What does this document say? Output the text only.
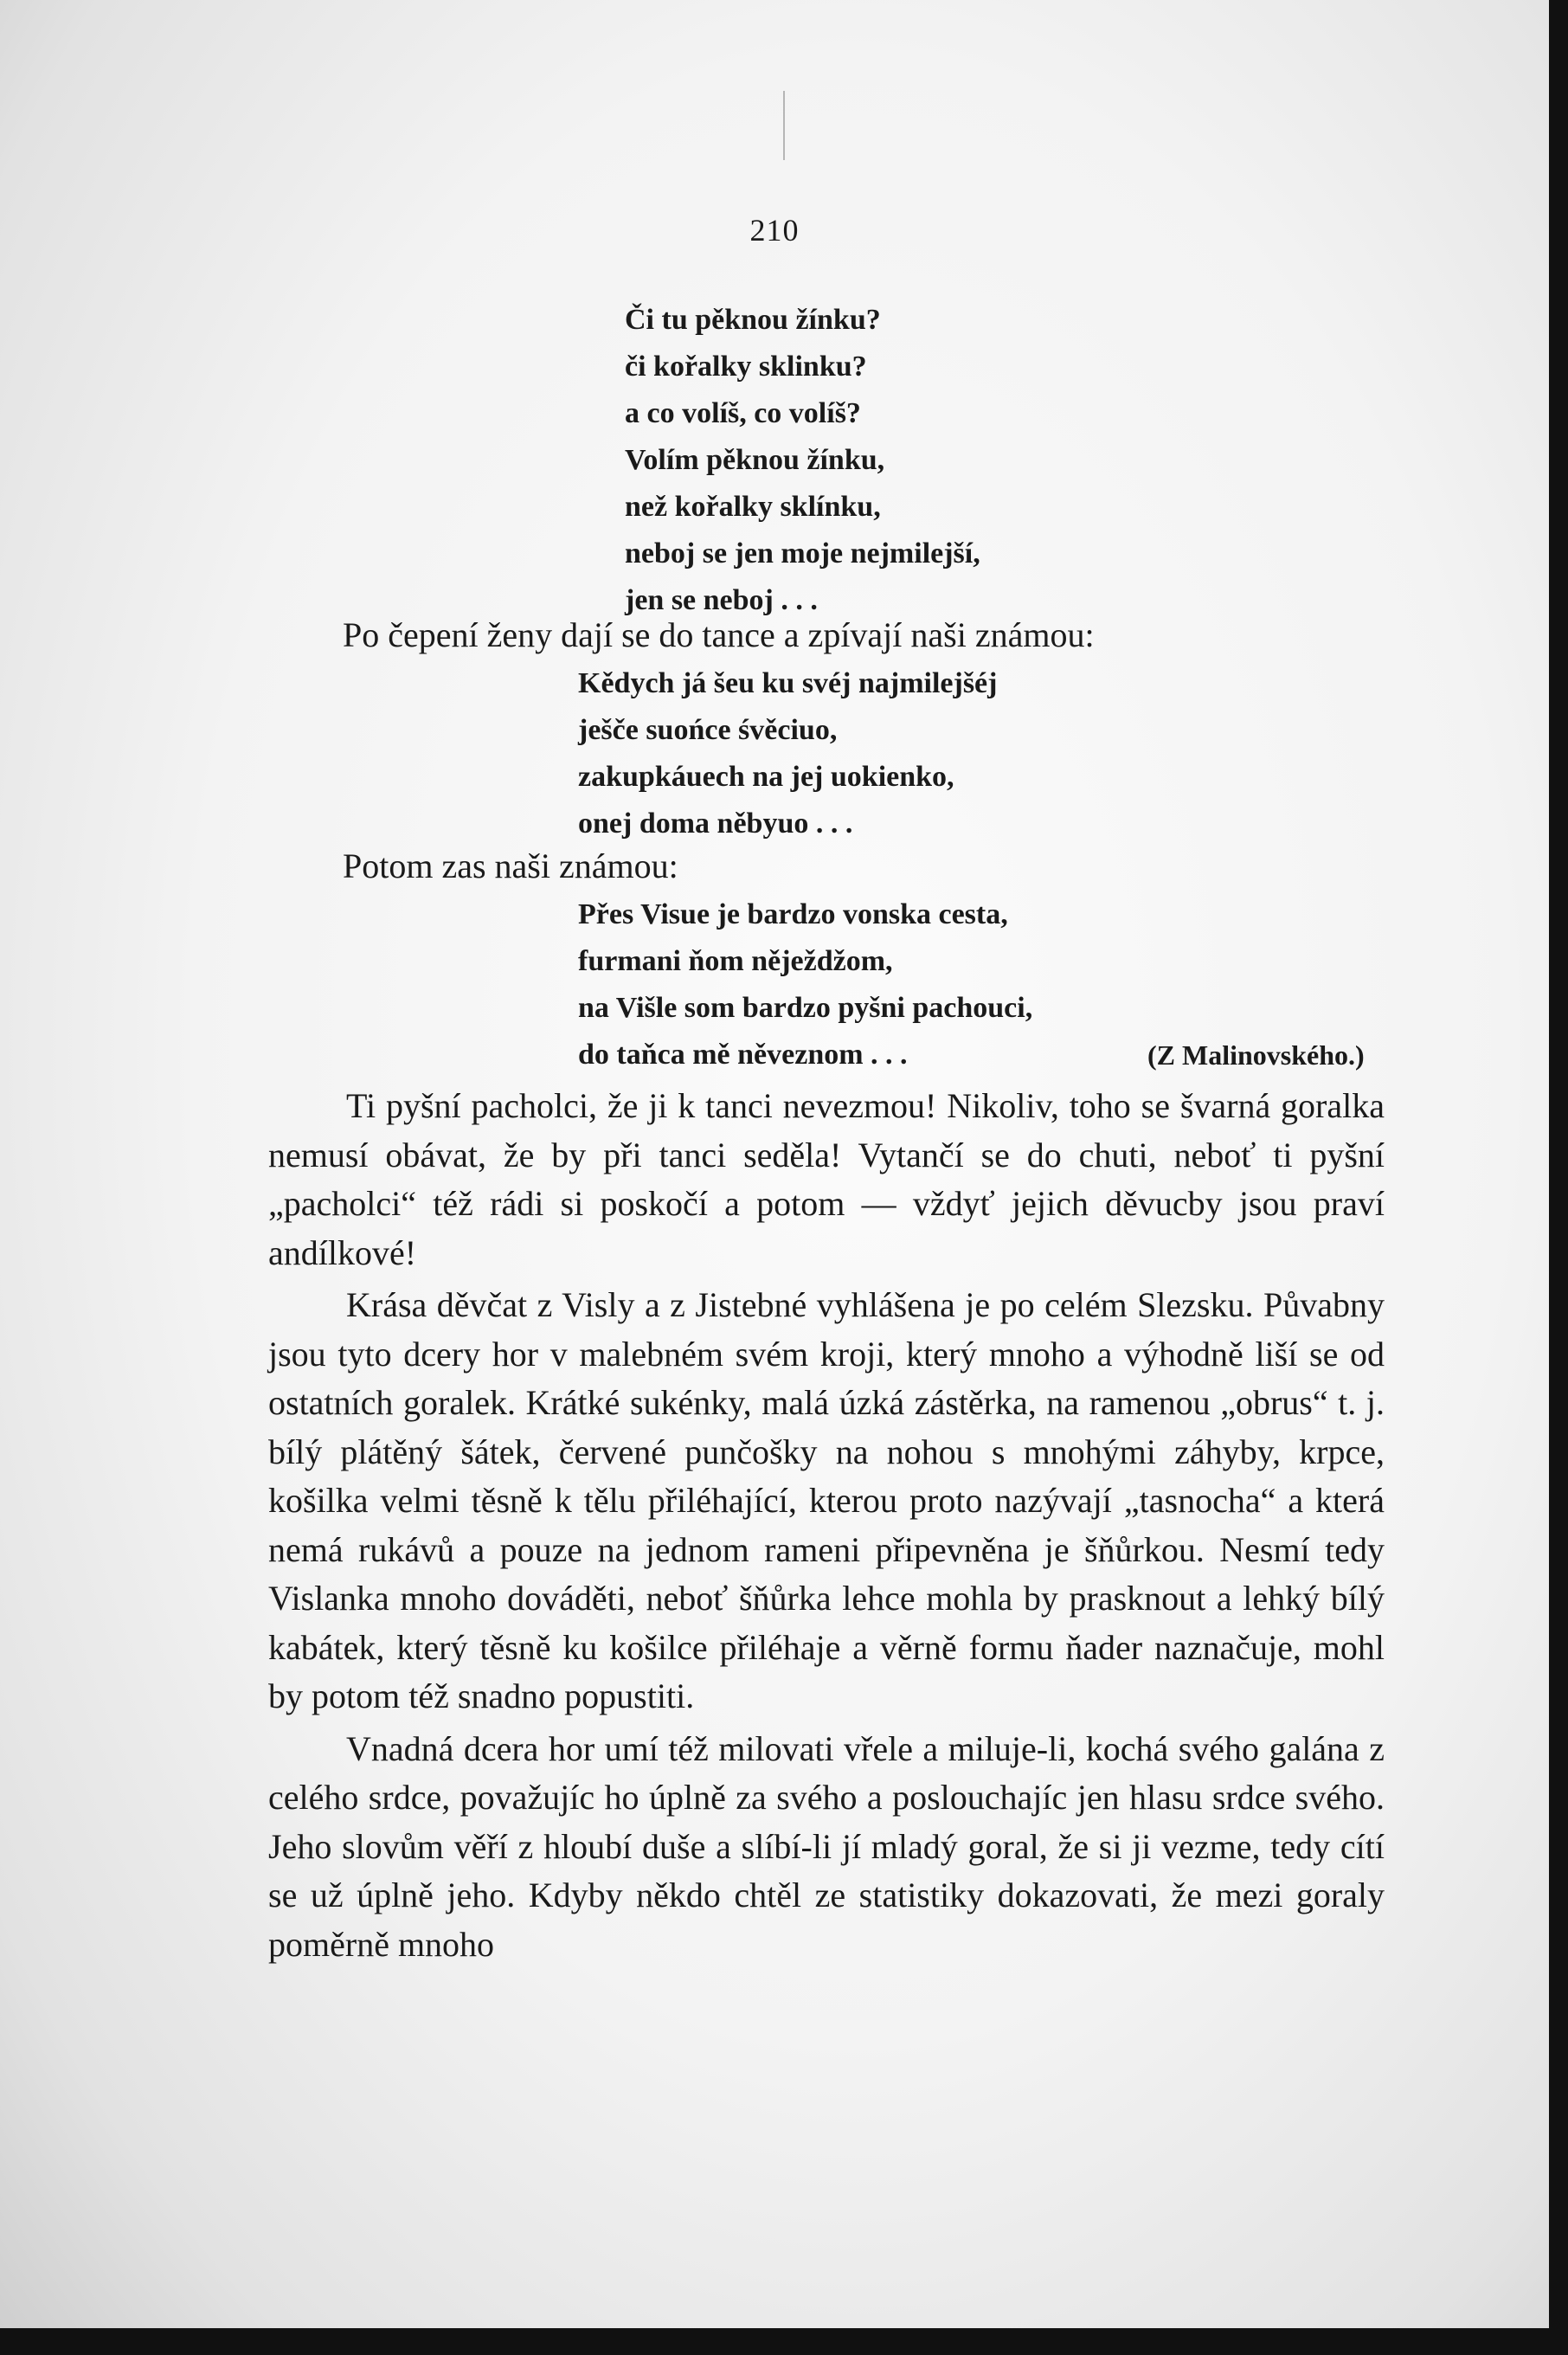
210
Či tu pěknou žínku?
či kořalky sklinku?
a co volíš, co volíš?
Volím pěknou žínku,
než kořalky sklínku,
neboj se jen moje nejmilejší,
jen se neboj . . .
Po čepení ženy dají se do tance a zpívají naši známou:
Kědych já šeu ku svéj najmilejšéj
ješče suońce śvěciuo,
zakupkáuech na jej uokienko,
onej doma něbyuo . . .
Potom zas naši známou:
Přes Visue je bardzo vonska cesta,
furmani ňom něježdžom,
na Višle som bardzo pyšni pachouci,
do taňca mě něveznom . . .	(Z Malinovského.)

Ti pyšní pacholci, že ji k tanci nevezmou! Nikoliv, toho se švarná goralka nemusí obávat, že by při tanci seděla! Vytančí se do chuti, neboť ti pyšní „pacholci“ též rádi si poskočí a potom — vždyť jejich děvucby jsou praví andílkové!

Krása děvčat z Visly a z Jistebné vyhlášena je po celém Slezsku. Půvabny jsou tyto dcery hor v malebném svém kroji, který mnoho a výhodně liší se od ostatních goralek. Krátké sukénky, malá úzká zástěrka, na ramenou „obrus“ t. j. bílý plátěný šátek, červené punčošky na nohou s mnohými záhyby, krpce, košilka velmi těsně k tělu přiléhající, kterou proto nazývají „tasnocha“ a která nemá rukávů a pouze na jednom rameni připevněna je šňůrkou. Nesmí tedy Vislanka mnoho dováděti, neboť šňůrka lehce mohla by prasknout a lehký bílý kabátek, který těsně ku košilce přiléhaje a věrně formu ňader naznačuje, mohl by potom též snadno popustiti.

Vnadná dcera hor umí též milovati vřele a miluje-li, kochá svého galána z celého srdce, považujíc ho úplně za svého a poslouchajíc jen hlasu srdce svého. Jeho slovům věří z hloubí duše a slíbí-li jí mladý goral, že si ji vezme, tedy cítí se už úplně jeho. Kdyby někdo chtěl ze statistiky dokazovati, že mezi goraly poměrně mnoho
